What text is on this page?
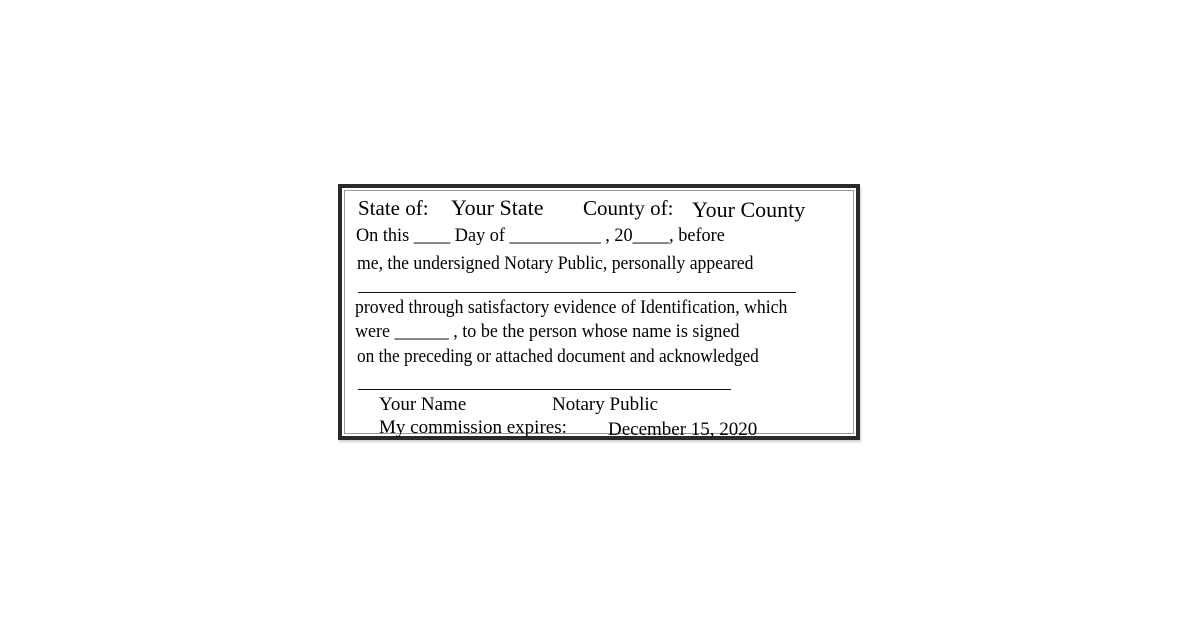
State of: Your State County of: Your County
On this ____ Day of __________ , 20____, before
me, the undersigned Notary Public, personally appeared
proved through satisfactory evidence of Identification, which
were ______ , to be the person whose name is signed
on the preceding or attached document and acknowledged
Your Name	Notary Public
My commission expires: December 15, 2020
